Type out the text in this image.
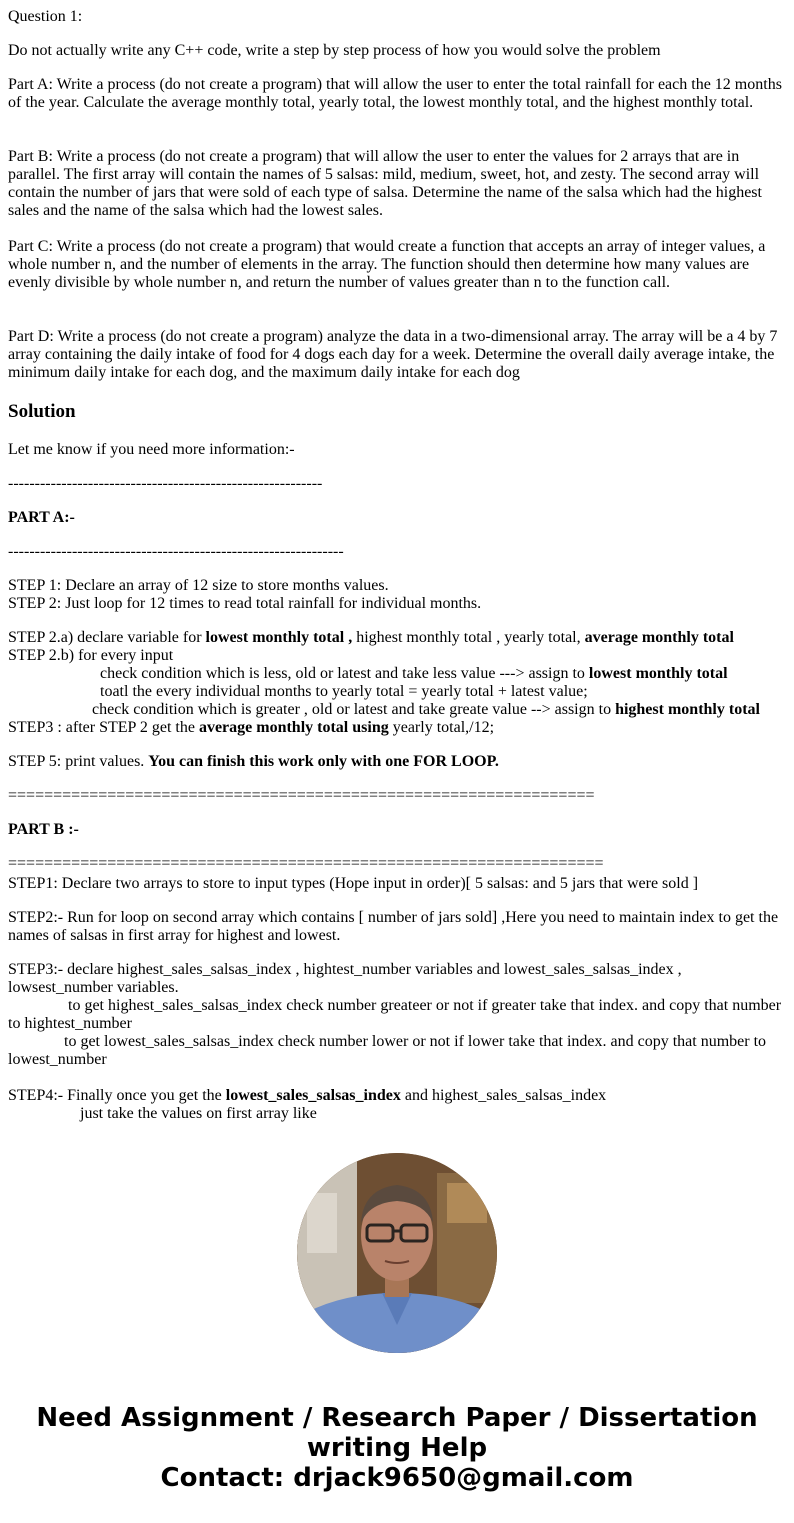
Question 1:
Do not actually write any C++ code, write a step by step process of how you would solve the problem

Part A: Write a process (do not create a program) that will allow the user to enter the total rainfall for each the 12 months of the year. Calculate the average monthly total, yearly total, the lowest monthly total, and the highest monthly total.

Part B: Write a process (do not create a program) that will allow the user to enter the values for 2 arrays that are in parallel. The first array will contain the names of 5 salsas: mild, medium, sweet, hot, and zesty. The second array will contain the number of jars that were sold of each type of salsa. Determine the name of the salsa which had the highest sales and the name of the salsa which had the lowest sales.

Part C: Write a process (do not create a program) that would create a function that accepts an array of integer values, a whole number n, and the number of elements in the array. The function should then determine how many values are evenly divisible by whole number n, and return the number of values greater than n to the function call.

Part D: Write a process (do not create a program) analyze the data in a two-dimensional array. The array will be a 4 by 7 array containing the daily intake of food for 4 dogs each day for a week. Determine the overall daily average intake, the minimum daily intake for each dog, and the maximum daily intake for each dog

Solution
Let me know if you need more information:-
-----------------------------------------------------------
PART A:-
---------------------------------------------------------------
STEP 1: Declare an array of 12 size to store months values.
STEP 2: Just loop for 12 times to read total rainfall for individual months.
STEP 2.a) declare variable for lowest monthly total , highest monthly total , yearly total, average monthly total
STEP 2.b) for every input
check condition which is less, old or latest and take less value ---> assign to lowest monthly total
toatl the every individual months to yearly total = yearly total + latest value;
check condition which is greater , old or latest and take greate value --> assign to highest monthly total
STEP3 : after STEP 2 get the average monthly total using yearly total,/12;
STEP 5: print values. You can finish this work only with one FOR LOOP.
=================================================================
PART B :-
==================================================================
STEP1: Declare two arrays to store to input types (Hope input in order)[ 5 salsas: and 5 jars that were sold ]

STEP2:- Run for loop on second array which contains [ number of jars sold] ,Here you need to maintain index to get the names of salsas in first array for highest and lowest.

STEP3:- declare highest_sales_salsas_index , hightest_number variables and lowest_sales_salsas_index ,
lowsest_number variables.
to get highest_sales_salsas_index check number greateer or not if greater take that index. and copy that number
to hightest_number
to get lowest_sales_salsas_index check number lower or not if lower take that index. and copy that number to
lowest_number
STEP4:- Finally once you get the lowest_sales_salsas_index and highest_sales_salsas_index
just take the values on first array like
Need Assignment / Research Paper / Dissertation
writing Help
Contact: drjack9650@gmail.com
